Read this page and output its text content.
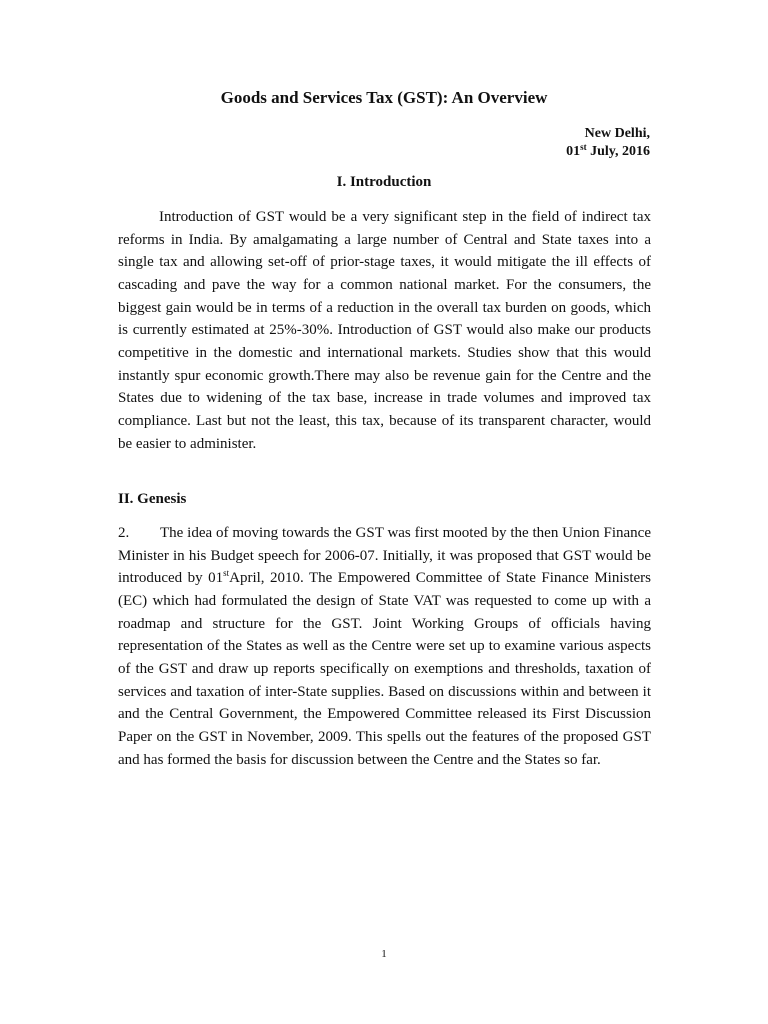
Goods and Services Tax (GST): An Overview
New Delhi,
01st July, 2016
I. Introduction

Introduction of GST would be a very significant step in the field of indirect tax reforms in India. By amalgamating a large number of Central and State taxes into a single tax and allowing set-off of prior-stage taxes, it would mitigate the ill effects of cascading and pave the way for a common national market. For the consumers, the biggest gain would be in terms of a reduction in the overall tax burden on goods, which is currently estimated at 25%-30%. Introduction of GST would also make our products competitive in the domestic and international markets. Studies show that this would instantly spur economic growth.There may also be revenue gain for the Centre and the States due to widening of the tax base, increase in trade volumes and improved tax compliance. Last but not the least, this tax, because of its transparent character, would be easier to administer.

II. Genesis

2. The idea of moving towards the GST was first mooted by the then Union Finance Minister in his Budget speech for 2006-07. Initially, it was proposed that GST would be introduced by 01stApril, 2010. The Empowered Committee of State Finance Ministers (EC) which had formulated the design of State VAT was requested to come up with a roadmap and structure for the GST. Joint Working Groups of officials having representation of the States as well as the Centre were set up to examine various aspects of the GST and draw up reports specifically on exemptions and thresholds, taxation of services and taxation of inter-State supplies. Based on discussions within and between it and the Central Government, the Empowered Committee released its First Discussion Paper on the GST in November, 2009. This spells out the features of the proposed GST and has formed the basis for discussion between the Centre and the States so far.

1
